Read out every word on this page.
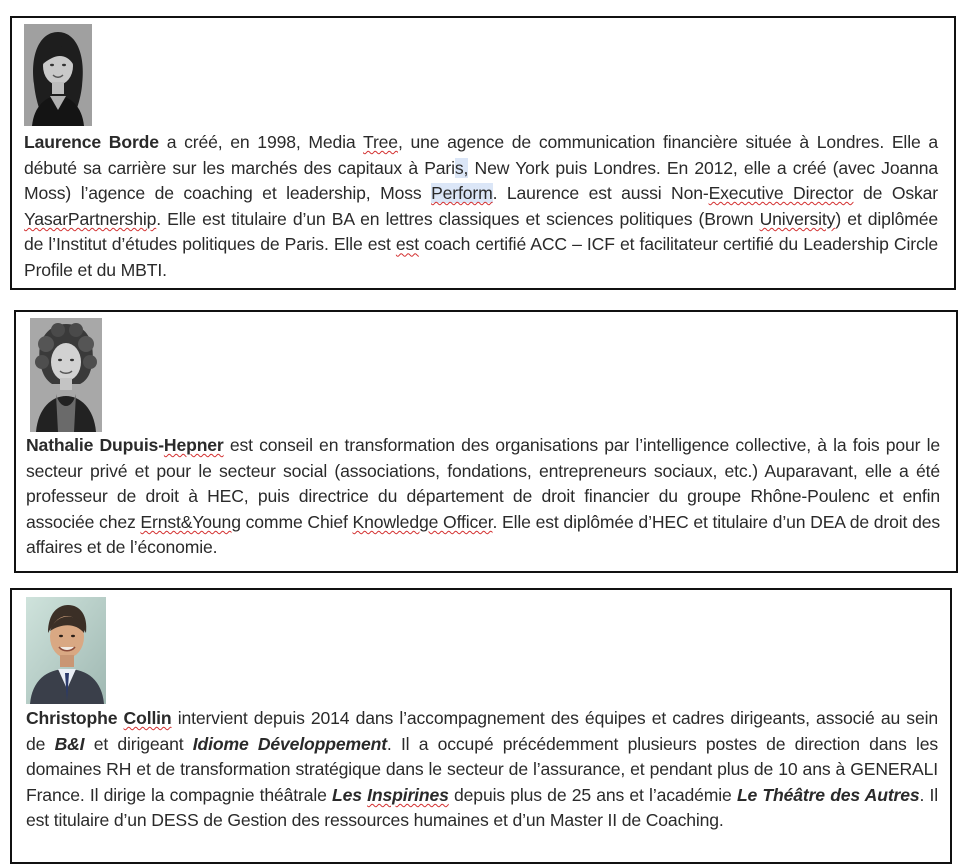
Laurence Borde a créé, en 1998, Media Tree, une agence de communication financière située à Londres. Elle a débuté sa carrière sur les marchés des capitaux à Paris, New York puis Londres. En 2012, elle a créé (avec Joanna Moss) l’agence de coaching et leadership, Moss Perform. Laurence est aussi Non-Executive Director de Oskar YasarPartnership. Elle est titulaire d’un BA en lettres classiques et sciences politiques (Brown University) et diplômée de l’Institut d’études politiques de Paris. Elle est est coach certifié ACC – ICF et facilitateur certifié du Leadership Circle Profile et du MBTI.

Nathalie Dupuis-Hepner est conseil en transformation des organisations par l’intelligence collective, à la fois pour le secteur privé et pour le secteur social (associations, fondations, entrepreneurs sociaux, etc.) Auparavant, elle a été professeur de droit à HEC, puis directrice du département de droit financier du groupe Rhône-Poulenc et enfin associée chez Ernst&Young comme Chief Knowledge Officer. Elle est diplômée d’HEC et titulaire d’un DEA de droit des affaires et de l’économie.

Christophe Collin intervient depuis 2014 dans l’accompagnement des équipes et cadres dirigeants, associé au sein de B&I et dirigeant Idiome Développement. Il a occupé précédemment plusieurs postes de direction dans les domaines RH et de transformation stratégique dans le secteur de l’assurance, et pendant plus de 10 ans à GENERALI France. Il dirige la compagnie théâtrale Les Inspirines depuis plus de 25 ans et l’académie Le Théâtre des Autres. Il est titulaire d’un DESS de Gestion des ressources humaines et d’un Master II de Coaching.
